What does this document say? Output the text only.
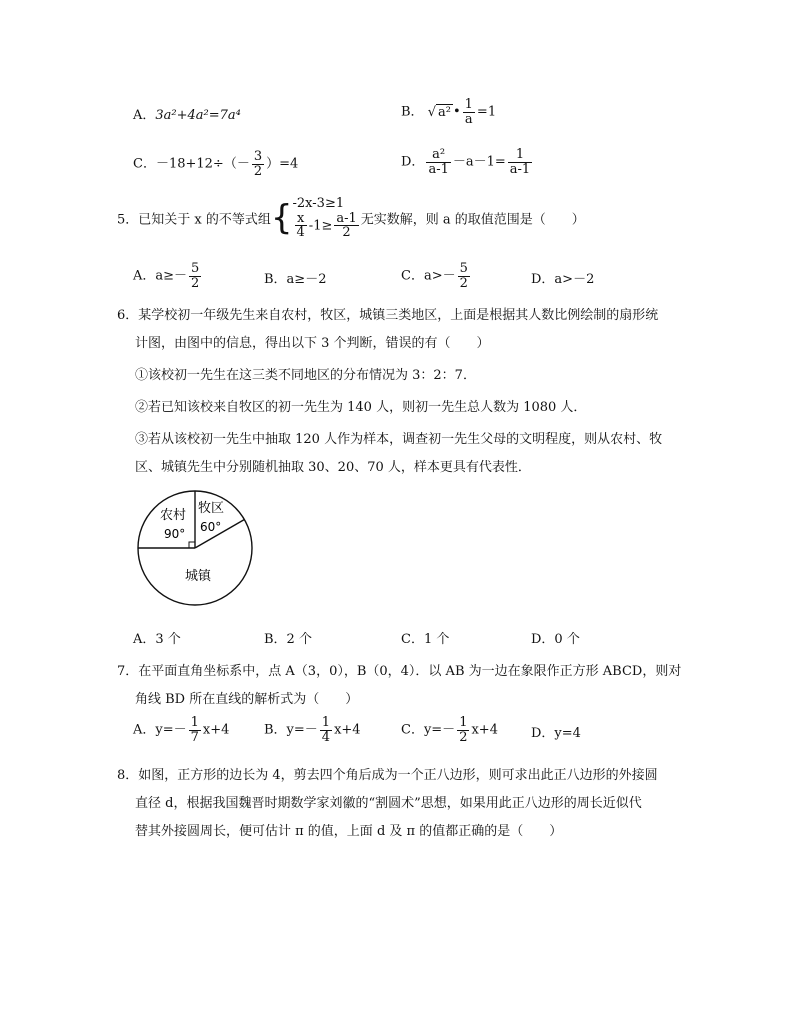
A．3a²+4a²=7a⁴	B． √ a² • $\frac{1}{a} =1$
C．$-18+12\div(- \frac{3}{2} )=4$	D． $\frac{\text{a²}}{a-1} -a-1= \frac{1}{a-1}$
5．已知关于 x 的不等式组{ -2x-3≥1
$\frac{x}{4} -1\ge \frac{a-1}{2}$ 无实数解，则 a 的取值范围是（　　）
A．$a\ge- \frac{5}{2}$	B．a≥－2	C．$a>- \frac{5}{2}$	D．a>－2
6．某学校初一年级先生来自农村，牧区，城镇三类地区，上面是根据其人数比例绘制的扇形统
计图，由图中的信息，得出以下 3 个判断，错误的有（　　）
①该校初一先生在这三类不同地区的分布情况为 3：2：7．
②若已知该校来自牧区的初一先生为 140 人，则初一先生总人数为 1080 人．
③若从该校初一先生中抽取 120 人作为样本，调查初一先生父母的文明程度，则从农村、牧
区、城镇先生中分别随机抽取 30、20、70 人，样本更具有代表性．
农村
90°
牧区
60°
城镇
A．3 个	B．2 个	C．1 个	D．0 个
7．在平面直角坐标系中，点 A（3，0），B（0，4）．以 AB 为一边在象限作正方形 ABCD，则对
角线 BD 所在直线的解析式为（　　）
A．$y=- \frac{1}{7} x+4$	B．$y=- \frac{1}{4} x+4$	C．$y=- \frac{1}{2} x+4$	D．y=4
8．如图，正方形的边长为 4，剪去四个角后成为一个正八边形，则可求出此正八边形的外接圆
直径 d，根据我国魏晋时期数学家刘徽的“割圆术”思想，如果用此正八边形的周长近似代
替其外接圆周长，便可估计 π 的值，上面 d 及 π 的值都正确的是（　　）
